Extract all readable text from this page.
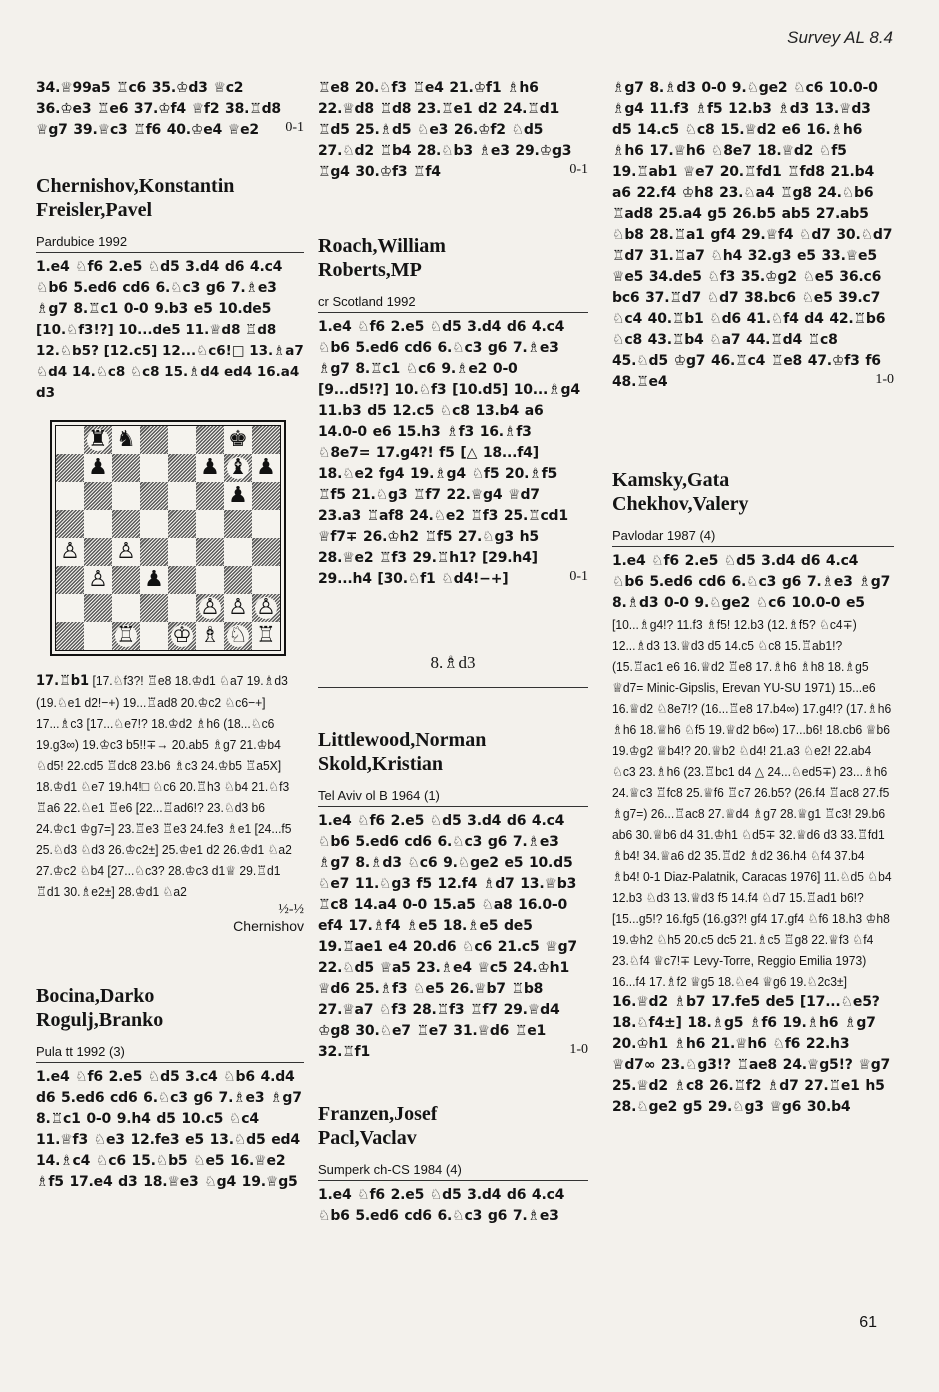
Survey AL 8.4

34.♕99a5 ♖c6 35.♔d3 ♕c2 36.♔e3 ♖e6 37.♔f4 ♕f2 38.♖d8 ♕g7 39.♕c3 ♖f6 40.♔e4 ♕e2	0-1

Chernishov,Konstantin Freisler,Pavel

Pardubice 1992

1.e4 ♘f6 2.e5 ♘d5 3.d4 d6 4.c4 ♘b6 5.ed6 cd6 6.♘c3 g6 7.♗e3 ♗g7 8.♖c1 0-0 9.b3 e5 10.de5

[10.♘f3!?] 10...de5 11.♕d8 ♖d8 12.♘b5? [12.c5] 12...♘c6!□ 13.♗a7 ♘d4 14.♘c8 ♘c8 15.♗d4 ed4 16.a4 d3

♜ ♞	♚
♟	♟ ♝ ♟
♟
♙ ♙
♙ ♟
♙ ♙ ♙
♖ ♔ ♗ ♘ ♖

17.♖b1 [17.♘f3?! ♖e8 18.♔d1 ♘a7 19.♗d3 (19.♘e1 d2!−+) 19...♖ad8 20.♔c2 ♘c6−+] 17...♗c3 [17...♘e7!? 18.♔d2 ♗h6 (18...♘c6 19.g3∞) 19.♔c3 b5!!∓→ 20.ab5 ♗g7 21.♔b4 ♘d5! 22.cd5 ♖dc8 23.b6 ♗c3 24.♔b5 ♖a5X] 18.♔d1 ♘e7 19.h4!□ ♘c6 20.♖h3 ♘b4 21.♘f3 ♖a6 22.♘e1 ♖e6 [22...♖ad6!? 23.♘d3 b6 24.♔c1 ♔g7=] 23.♖e3 ♖e3 24.fe3 ♗e1 [24...f5 25.♘d3 ♘d3 26.♔c2±] 25.♔e1 d2 26.♔d1 ♘a2 27.♔c2 ♘b4 [27...♘c3? 28.♔c3 d1♕ 29.♖d1 ♖d1 30.♗e2±] 28.♔d1 ♘a2

½-½
Chernishov

Bocina,Darko Rogulj,Branko

Pula tt 1992 (3)

1.e4 ♘f6 2.e5 ♘d5 3.c4 ♘b6 4.d4 d6 5.ed6 cd6 6.♘c3 g6 7.♗e3 ♗g7 8.♖c1 0-0 9.h4 d5 10.c5 ♘c4 11.♕f3 ♘e3 12.fe3 e5 13.♘d5 ed4 14.♗c4 ♘c6 15.♘b5 ♘e5 16.♕e2 ♗f5 17.e4 d3 18.♕e3 ♘g4 19.♕g5

♖e8 20.♘f3 ♖e4 21.♔f1 ♗h6 22.♕d8 ♖d8 23.♖e1 d2 24.♖d1 ♖d5 25.♗d5 ♘e3 26.♔f2 ♘d5 27.♘d2 ♖b4 28.♘b3 ♗e3 29.♔g3 ♖g4 30.♔f3 ♖f4	0-1

Roach,William Roberts,MP

cr Scotland 1992

1.e4 ♘f6 2.e5 ♘d5 3.d4 d6 4.c4 ♘b6 5.ed6 cd6 6.♘c3 g6 7.♗e3 ♗g7 8.♖c1 ♘c6 9.♗e2 0-0 [9...d5!?] 10.♘f3 [10.d5] 10...♗g4 11.b3 d5 12.c5 ♘c8 13.b4 a6 14.0-0 e6 15.h3 ♗f3 16.♗f3 ♘8e7= 17.g4?! f5 [△ 18...f4] 18.♘e2 fg4 19.♗g4 ♘f5 20.♗f5 ♖f5 21.♘g3 ♖f7 22.♕g4 ♕d7 23.a3 ♖af8 24.♘e2 ♖f3 25.♖cd1 ♕f7∓ 26.♔h2 ♖f5 27.♘g3 h5 28.♕e2 ♖f3 29.♖h1? [29.h4] 29...h4 [30.♘f1 ♘d4!−+]	0-1
8.♗d3

Littlewood,Norman Skold,Kristian

Tel Aviv ol B 1964 (1)

1.e4 ♘f6 2.e5 ♘d5 3.d4 d6 4.c4 ♘b6 5.ed6 cd6 6.♘c3 g6 7.♗e3 ♗g7 8.♗d3 ♘c6 9.♘ge2 e5 10.d5 ♘e7 11.♘g3 f5 12.f4 ♗d7 13.♕b3 ♖c8 14.a4 0-0 15.a5 ♘a8 16.0-0 ef4 17.♗f4 ♗e5 18.♗e5 de5 19.♖ae1 e4 20.d6 ♘c6 21.c5 ♕g7 22.♘d5 ♕a5 23.♗e4 ♕c5 24.♔h1 ♕d6 25.♗f3 ♘e5 26.♕b7 ♖b8 27.♕a7 ♘f3 28.♖f3 ♖f7 29.♕d4 ♔g8 30.♘e7 ♖e7 31.♕d6 ♖e1 32.♖f1	1-0

Franzen,Josef Pacl,Vaclav

Sumperk ch-CS 1984 (4)

1.e4 ♘f6 2.e5 ♘d5 3.d4 d6 4.c4 ♘b6 5.ed6 cd6 6.♘c3 g6 7.♗e3

♗g7 8.♗d3 0-0 9.♘ge2 ♘c6 10.0-0 ♗g4 11.f3 ♗f5 12.b3 ♗d3 13.♕d3 d5 14.c5 ♘c8 15.♕d2 e6 16.♗h6 ♗h6 17.♕h6 ♘8e7 18.♕d2 ♘f5 19.♖ab1 ♕e7 20.♖fd1 ♖fd8 21.b4 a6 22.f4 ♔h8 23.♘a4 ♖g8 24.♘b6 ♖ad8 25.a4 g5 26.b5 ab5 27.ab5 ♘b8 28.♖a1 gf4 29.♕f4 ♘d7 30.♘d7 ♖d7 31.♖a7 ♘h4 32.g3 e5 33.♕e5 ♕e5 34.de5 ♘f3 35.♔g2 ♘e5 36.c6 bc6 37.♖d7 ♘d7 38.bc6 ♘e5 39.c7 ♘c4 40.♖b1 ♘d6 41.♘f4 d4 42.♖b6 ♘c8 43.♖b4 ♘a7 44.♖d4 ♖c8 45.♘d5 ♔g7 46.♖c4 ♖e8 47.♔f3 f6 48.♖e4	1-0

Kamsky,Gata Chekhov,Valery

Pavlodar 1987 (4)

1.e4 ♘f6 2.e5 ♘d5 3.d4 d6 4.c4 ♘b6 5.ed6 cd6 6.♘c3 g6 7.♗e3 ♗g7 8.♗d3 0-0 9.♘ge2 ♘c6 10.0-0 e5

[10...♗g4!? 11.f3 ♗f5! 12.b3 (12.♗f5? ♘c4∓) 12...♗d3 13.♕d3 d5 14.c5 ♘c8 15.♖ab1!? (15.♖ac1 e6 16.♕d2 ♖e8 17.♗h6 ♗h8 18.♗g5 ♕d7= Minic-Gipslis, Erevan YU-SU 1971) 15...e6 16.♕d2 ♘8e7!? (16...♖e8 17.b4∞) 17.g4!? (17.♗h6 ♗h6 18.♕h6 ♘f5 19.♕d2 b6∞) 17...b6! 18.cb6 ♕b6 19.♔g2 ♕b4!? 20.♕b2 ♘d4! 21.a3 ♘e2! 22.ab4 ♘c3 23.♗h6 (23.♖bc1 d4 △ 24...♘ed5∓) 23...♗h6 24.♕c3 ♖fc8 25.♕f6 ♖c7 26.b5? (26.f4 ♖ac8 27.f5 ♗g7=) 26...♖ac8 27.♕d4 ♗g7 28.♕g1 ♖c3! 29.b6 ab6 30.♕b6 d4 31.♔h1 ♘d5∓ 32.♕d6 d3 33.♖fd1 ♗b4! 34.♕a6 d2 35.♖d2 ♗d2 36.h4 ♘f4 37.b4 ♗b4! 0-1 Diaz-Palatnik, Caracas 1976] 11.♘d5 ♘b4 12.b3 ♘d3 13.♕d3 f5 14.f4 ♘d7 15.♖ad1 b6!?

[15...g5!? 16.fg5 (16.g3?! gf4 17.gf4 ♘f6 18.h3 ♔h8 19.♔h2 ♘h5 20.c5 dc5 21.♗c5 ♖g8 22.♕f3 ♘f4 23.♘f4 ♕c7!∓ Levy-Torre, Reggio Emilia 1973) 16...f4 17.♗f2 ♕g5 18.♘e4 ♕g6 19.♘2c3±]

16.♕d2 ♗b7 17.fe5 de5 [17...♘e5? 18.♘f4±] 18.♗g5 ♗f6 19.♗h6 ♗g7 20.♔h1 ♗h6 21.♕h6 ♘f6 22.h3 ♕d7∞ 23.♘g3!? ♖ae8 24.♕g5!? ♕g7 25.♕d2 ♗c8 26.♖f2 ♗d7 27.♖e1 h5 28.♘ge2 g5 29.♘g3 ♕g6 30.b4

61
